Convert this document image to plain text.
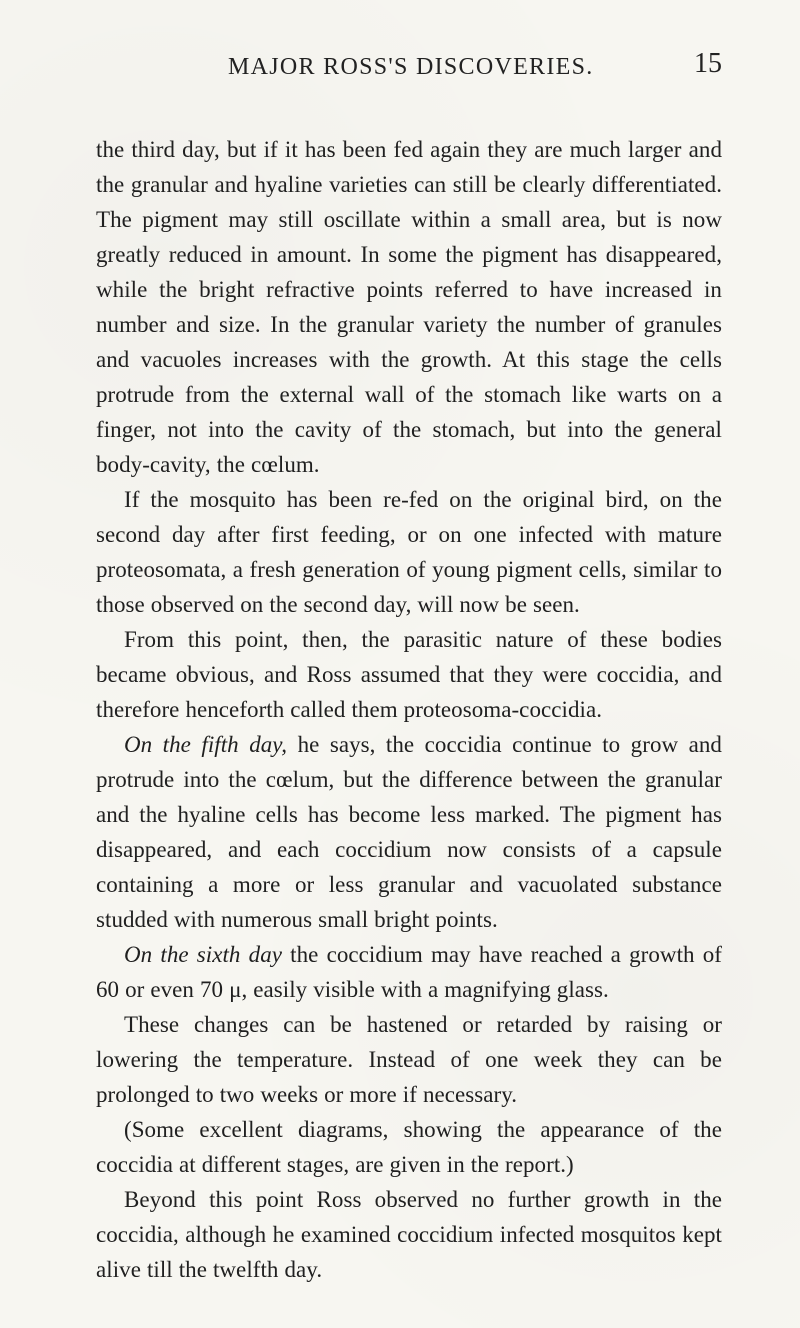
MAJOR ROSS'S DISCOVERIES.	15

the third day, but if it has been fed again they are much larger and the granular and hyaline varieties can still be clearly differentiated. The pigment may still oscillate within a small area, but is now greatly reduced in amount. In some the pigment has disappeared, while the bright refractive points referred to have increased in number and size. In the granular variety the number of granules and vacuoles increases with the growth. At this stage the cells protrude from the external wall of the stomach like warts on a finger, not into the cavity of the stomach, but into the general body-cavity, the cœlum.

If the mosquito has been re-fed on the original bird, on the second day after first feeding, or on one infected with mature proteosomata, a fresh generation of young pigment cells, similar to those observed on the second day, will now be seen.

From this point, then, the parasitic nature of these bodies became obvious, and Ross assumed that they were coccidia, and therefore henceforth called them proteosoma-coccidia.

On the fifth day, he says, the coccidia continue to grow and protrude into the cœlum, but the difference between the granular and the hyaline cells has become less marked. The pigment has disappeared, and each coccidium now consists of a capsule containing a more or less granular and vacuolated substance studded with numerous small bright points.

On the sixth day the coccidium may have reached a growth of 60 or even 70 μ, easily visible with a magnifying glass.

These changes can be hastened or retarded by raising or lowering the temperature. Instead of one week they can be prolonged to two weeks or more if necessary.

(Some excellent diagrams, showing the appearance of the coccidia at different stages, are given in the report.)

Beyond this point Ross observed no further growth in the coccidia, although he examined coccidium infected mosquitos kept alive till the twelfth day.
